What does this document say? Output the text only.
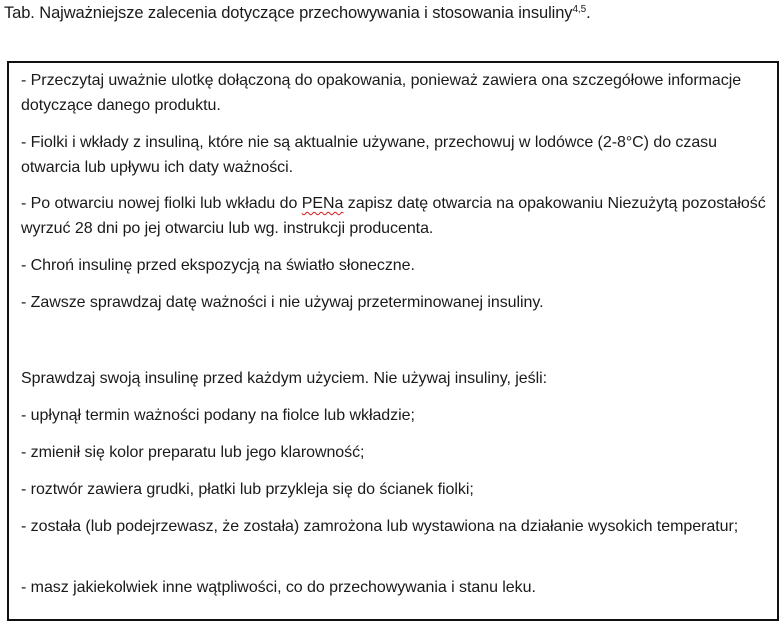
Tab. Najważniejsze zalecenia dotyczące przechowywania i stosowania insuliny$^{4,5}$.
- Przeczytaj uważnie ulotkę dołączoną do opakowania, ponieważ zawiera ona szczegółowe informacje dotyczące danego produktu.
- Fiolki i wkłady z insuliną, które nie są aktualnie używane, przechowuj w lodówce (2-8°C) do czasu otwarcia lub upływu ich daty ważności.
- Po otwarciu nowej fiolki lub wkładu do PENa zapisz datę otwarcia na opakowaniu Niezużytą pozostałość wyrzuć 28 dni po jej otwarciu lub wg. instrukcji producenta.
- Chroń insulinę przed ekspozycją na światło słoneczne.
- Zawsze sprawdzaj datę ważności i nie używaj przeterminowanej insuliny.
Sprawdzaj swoją insulinę przed każdym użyciem. Nie używaj insuliny, jeśli:
- upłynął termin ważności podany na fiolce lub wkładzie;
- zmienił się kolor preparatu lub jego klarowność;
- roztwór zawiera grudki, płatki lub przykleja się do ścianek fiolki;
- została (lub podejrzewasz, że została) zamrożona lub wystawiona na działanie wysokich temperatur;
- masz jakiekolwiek inne wątpliwości, co do przechowywania i stanu leku.
